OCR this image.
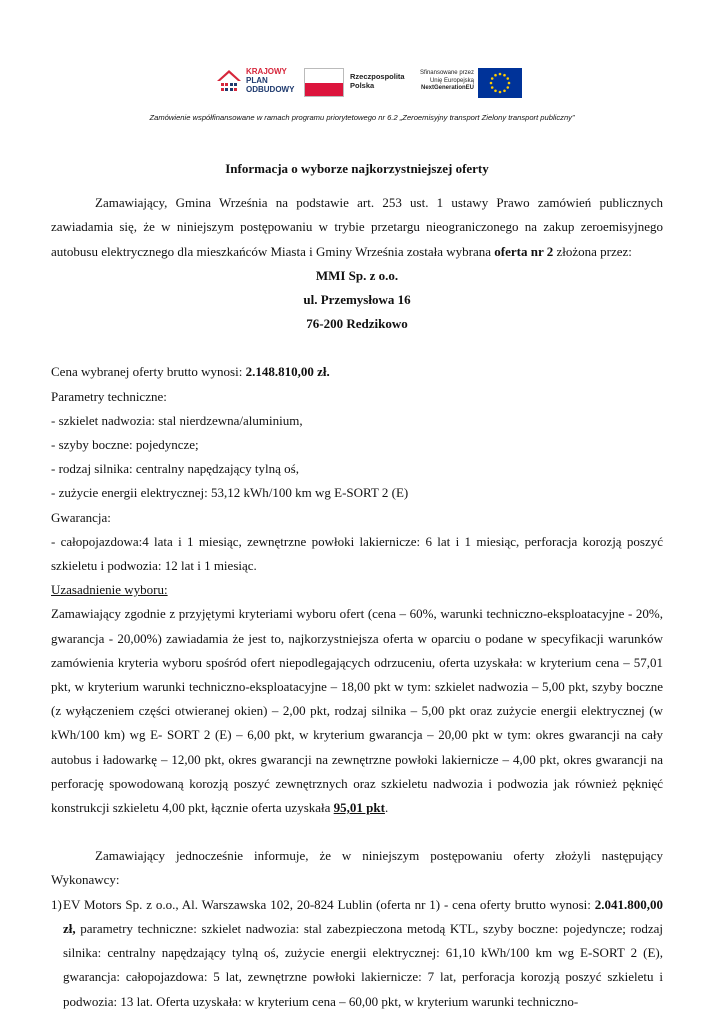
KRAJOWY
PLAN
ODBUDOWY
Rzeczpospolita
Polska
Sfinansowane przez
Unię Europejską
NextGenerationEU
Zamówienie współfinansowane w ramach programu priorytetowego nr 6.2 „Zeroemisyjny transport Zielony transport publiczny”
Informacja o wyborze najkorzystniejszej oferty
Zamawiający, Gmina Września na podstawie art. 253 ust. 1 ustawy Prawo zamówień publicznych zawiadamia się, że w niniejszym postępowaniu w trybie przetargu nieograniczonego na zakup zeroemisyjnego autobusu elektrycznego dla mieszkańców Miasta i Gminy Września została wybrana oferta nr 2 złożona przez:
MMI Sp. z o.o.
ul. Przemysłowa 16
76-200 Redzikowo
Cena wybranej oferty brutto wynosi: 2.148.810,00 zł.
Parametry techniczne:
- szkielet nadwozia: stal nierdzewna/aluminium,
- szyby boczne: pojedyncze;
- rodzaj silnika: centralny napędzający tylną oś,
- zużycie energii elektrycznej: 53,12 kWh/100 km wg E-SORT 2 (E)
Gwarancja:
- całopojazdowa:4 lata i 1 miesiąc, zewnętrzne powłoki lakiernicze: 6 lat i 1 miesiąc, perforacja korozją poszyć szkieletu i podwozia: 12 lat i 1 miesiąc.
Uzasadnienie wyboru:
Zamawiający zgodnie z przyjętymi kryteriami wyboru ofert (cena – 60%, warunki techniczno-eksploatacyjne - 20%, gwarancja - 20,00%) zawiadamia że jest to, najkorzystniejsza oferta w oparciu o podane w specyfikacji warunków zamówienia kryteria wyboru spośród ofert niepodlegających odrzuceniu, oferta uzyskała: w kryterium cena – 57,01 pkt, w kryterium warunki techniczno-eksploatacyjne – 18,00 pkt w tym: szkielet nadwozia – 5,00 pkt, szyby boczne (z wyłączeniem części otwieranej okien) – 2,00 pkt, rodzaj silnika – 5,00 pkt oraz zużycie energii elektrycznej (w kWh/100 km) wg E- SORT 2 (E) – 6,00 pkt, w kryterium gwarancja – 20,00 pkt w tym: okres gwarancji na cały autobus i ładowarkę – 12,00 pkt, okres gwarancji na zewnętrzne powłoki lakiernicze – 4,00 pkt, okres gwarancji na perforację spowodowaną korozją poszyć zewnętrznych oraz szkieletu nadwozia i podwozia jak również pęknięć konstrukcji szkieletu 4,00 pkt, łącznie oferta uzyskała 95,01 pkt.
Zamawiający jednocześnie informuje, że w niniejszym postępowaniu oferty złożyli następujący Wykonawcy:
1) EV Motors Sp. z o.o., Al. Warszawska 102, 20-824 Lublin (oferta nr 1) - cena oferty brutto wynosi: 2.041.800,00 zł, parametry techniczne: szkielet nadwozia: stal zabezpieczona metodą KTL, szyby boczne: pojedyncze; rodzaj silnika: centralny napędzający tylną oś, zużycie energii elektrycznej: 61,10 kWh/100 km wg E-SORT 2 (E), gwarancja: całopojazdowa: 5 lat, zewnętrzne powłoki lakiernicze: 7 lat, perforacja korozją poszyć szkieletu i podwozia: 13 lat. Oferta uzyskała: w kryterium cena – 60,00 pkt, w kryterium warunki techniczno-
